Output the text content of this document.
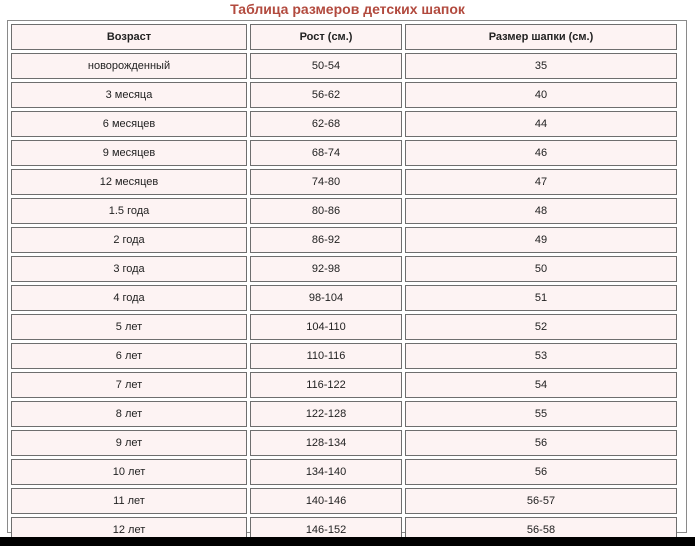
Таблица размеров детских шапок
Возраст	Рост (см.)	Размер шапки (см.)
новорожденный	50-54	35
3 месяца	56-62	40
6 месяцев	62-68	44
9 месяцев	68-74	46
12 месяцев	74-80	47
1.5 года	80-86	48
2 года	86-92	49
3 года	92-98	50
4 года	98-104	51
5 лет	104-110	52
6 лет	110-116	53
7 лет	116-122	54
8 лет	122-128	55
9 лет	128-134	56
10 лет	134-140	56
11 лет	140-146	56-57
12 лет	146-152	56-58
